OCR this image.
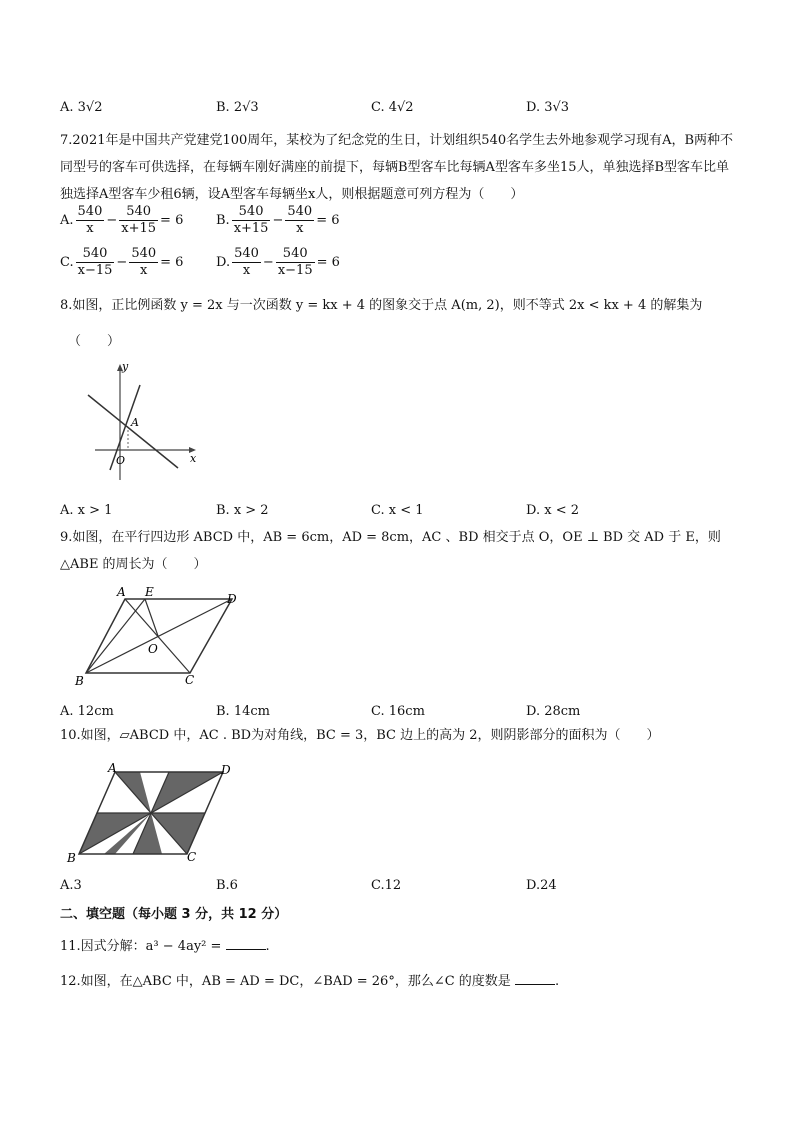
A. 3√2	B. 2√3	C. 4√2	D. 3√3
7.2021年是中国共产党建党100周年，某校为了纪念党的生日，计划组织540名学生去外地参观学习现有A，B两种不同型号的客车可供选择，在每辆车刚好满座的前提下，每辆B型客车比每辆A型客车多坐15人，单独选择B型客车比单独选择A型客车少租6辆，设A型客车每辆坐x人，则根据题意可列方程为（　　）
A. $\frac{540}{x} - \frac{540}{x+15} = 6$	B. $\frac{540}{x+15} - \frac{540}{x} = 6$
C. $\frac{540}{x-15} - \frac{540}{x} = 6$	D. $\frac{540}{x} - \frac{540}{x-15} = 6$
8.如图，正比例函数 y = 2x 与一次函数 y = kx + 4 的图象交于点 A(m, 2)，则不等式 2x < kx + 4 的解集为
（　　）
y
x
A
O
A. x > 1	B. x > 2	C. x < 1	D. x < 2
9.如图，在平行四边形 ABCD 中，AB = 6cm，AD = 8cm，AC 、BD 相交于点 O，OE ⊥ BD 交 AD 于 E，则△ABE 的周长为（　　）
A E	D
O
B	C
A. 12cm	B. 14cm	C. 16cm	D. 28cm
10.如图，▱ABCD 中，AC . BD为对角线，BC = 3，BC 边上的高为 2，则阴影部分的面积为（　　）
A	D
B	C
A.3	B.6	C.12	D.24
二、填空题（每小题 3 分，共 12 分）
11.因式分解：a³ − 4ay² =	.
12.如图，在△ABC 中，AB = AD = DC，∠BAD = 26°，那么∠C 的度数是	.
